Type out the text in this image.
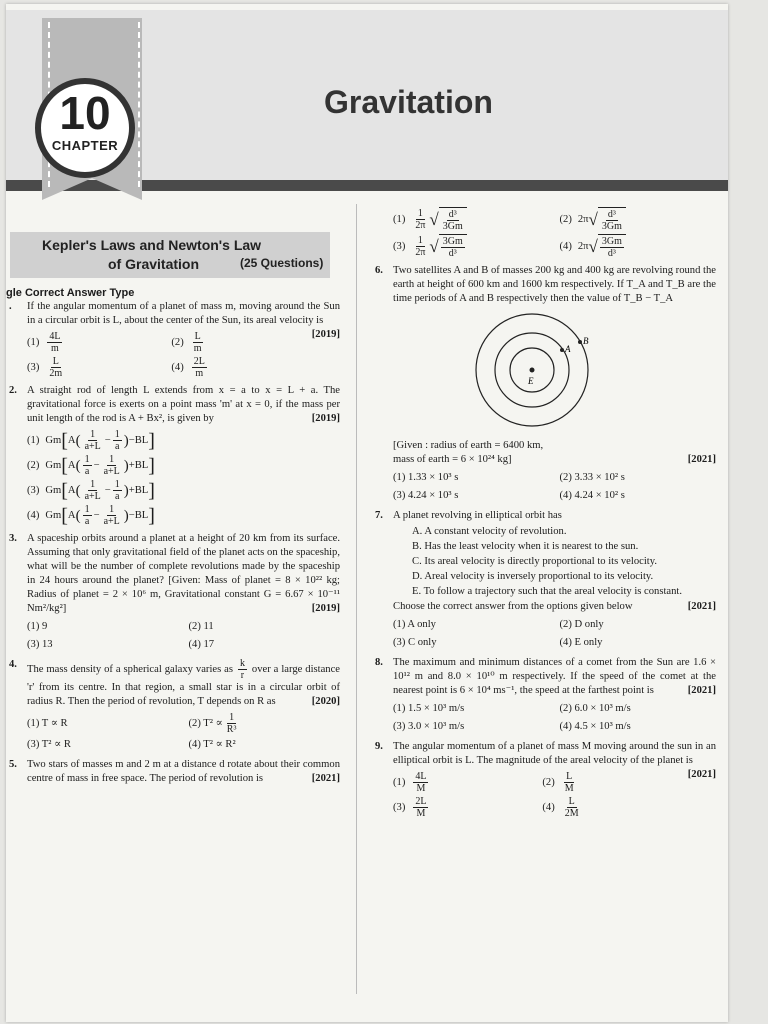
10
CHAPTER
Gravitation
Kepler's Laws and Newton's Law
of Gravitation	(25 Questions)
gle Correct Answer Type
. If the angular momentum of a planet of mass m, moving around the Sun in a circular orbit is L, about the center of the Sun, its areal velocity is
[2019]
$(1) \frac{4L}{m}$	$(2) \frac{L}{m}$
$(3) \frac{L}{2m}$	$(4) \frac{2L}{m}$
2. A straight rod of length L extends from x = a to x = L + a. The gravitational force is exerts on a point mass 'm' at x = 0, if the mass per unit length of the rod is A + Bx², is given by	[2019]
(1) Gm [ A ( $\frac{1}{a+L} - \frac{1}{a}$ ) −BL ]
(2) Gm [ A ( $\frac{1}{a} - \frac{1}{a+L}$ ) +BL ]
(3) Gm [ A ( $\frac{1}{a+L} - \frac{1}{a}$ ) +BL ]
(4) Gm [ A ( $\frac{1}{a} - \frac{1}{a+L}$ ) −BL ]
3. A spaceship orbits around a planet at a height of 20 km from its surface. Assuming that only gravitational field of the planet acts on the spaceship, what will be the number of complete revolutions made by the spaceship in 24 hours around the planet? [Given: Mass of planet = 8 × 10²² kg; Radius of planet = 2 × 10⁶ m, Gravitational constant G = 6.67 × 10⁻¹¹ Nm²/kg²]	[2019]
(1) 9	(2) 11
(3) 13	(4) 17
4. The mass density of a spherical galaxy varies as $\frac{k}{r}$ over a large distance 'r' from its centre. In that region, a small star is in a circular orbit of radius R. Then the period of revolution, T depends on R as	[2020]
(1) T ∝ R	(2) $T^2 \propto \frac{1}{\text{R³}}$
(3) T² ∝ R	(4) T² ∝ R²
5. Two stars of masses m and 2 m at a distance d rotate about their common centre of mass in free space. The period of revolution is	[2021]
$(1) \frac{1}{2\pi}$ √ $\frac{\text{d³}}{3Gm}$	(2) 2π √ $\frac{\text{d³}}{3Gm}$
$(3) \frac{1}{2\pi}$ √ $\frac{3Gm}{\text{d³}}$	(4) 2π √ $\frac{3Gm}{\text{d³}}$
6. Two satellites A and B of masses 200 kg and 400 kg are revolving round the earth at height of 600 km and 1600 km respectively. If T_A and T_B are the time periods of A and B respectively then the value of T_B − T_A
A
B
E
[Given : radius of earth = 6400 km,
mass of earth = 6 × 10²⁴ kg]	[2021]
(1) 1.33 × 10³ s	(2) 3.33 × 10² s
(3) 4.24 × 10³ s	(4) 4.24 × 10² s
7. A planet revolving in elliptical orbit has
A. A constant velocity of revolution.
B. Has the least velocity when it is nearest to the sun.
C. Its areal velocity is directly proportional to its velocity.
D. Areal velocity is inversely proportional to its velocity.
E. To follow a trajectory such that the areal velocity is constant.
Choose the correct answer from the options given below	[2021]
(1) A only	(2) D only
(3) C only	(4) E only
8. The maximum and minimum distances of a comet from the Sun are 1.6 × 10¹² m and 8.0 × 10¹⁰ m respectively. If the speed of the comet at the nearest point is 6 × 10⁴ ms⁻¹, the speed at the farthest point is	[2021]
(1) 1.5 × 10³ m/s	(2) 6.0 × 10³ m/s
(3) 3.0 × 10³ m/s	(4) 4.5 × 10³ m/s
9. The angular momentum of a planet of mass M moving around the sun in an elliptical orbit is L. The magnitude of the areal velocity of the planet is
[2021]
$(1) \frac{4L}{M}$	$(2) \frac{L}{M}$
$(3) \frac{2L}{M}$	$(4) \frac{L}{2M}$
